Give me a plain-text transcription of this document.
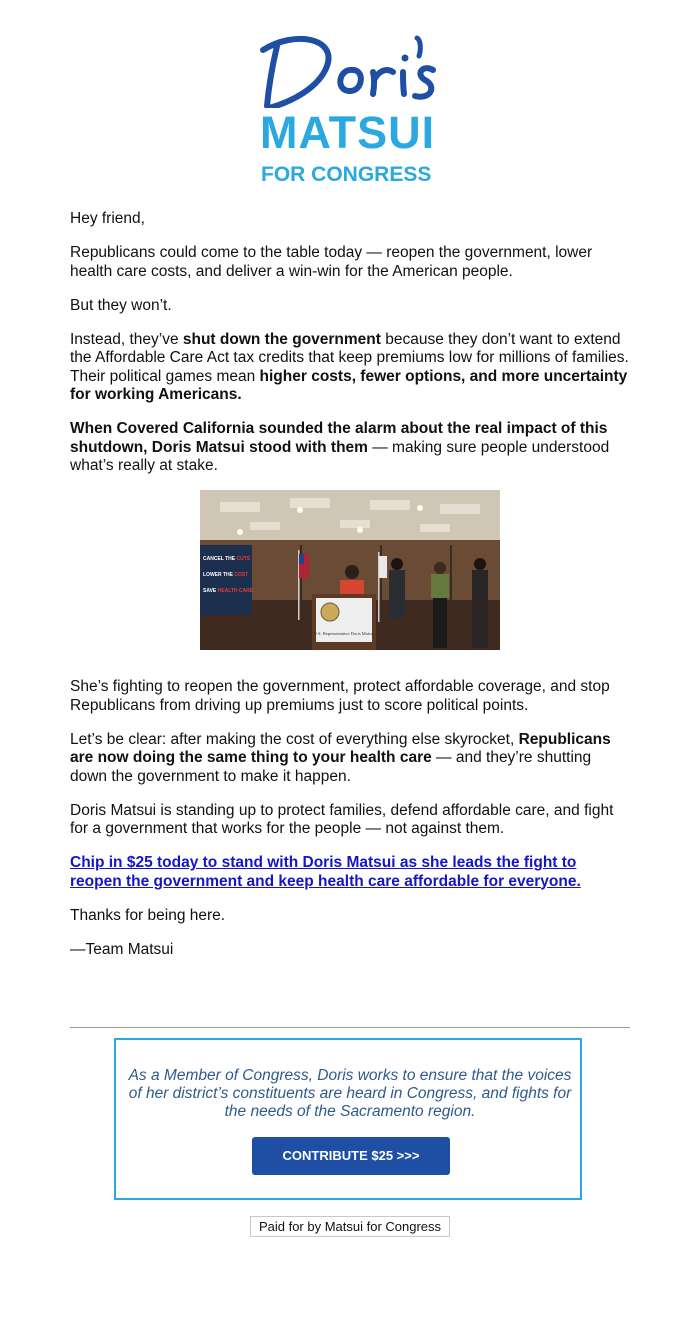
MATSUI
FOR CONGRESS

Hey friend,

Republicans could come to the table today — reopen the government, lower health care costs, and deliver a win-win for the American people.

But they won’t.

Instead, they’ve shut down the government because they don’t want to extend the Affordable Care Act tax credits that keep premiums low for millions of families. Their political games mean higher costs, fewer options, and more uncertainty for working Americans.

When Covered California sounded the alarm about the real impact of this shutdown, Doris Matsui stood with them — making sure people understood what’s really at stake.

She’s fighting to reopen the government, protect affordable coverage, and stop Republicans from driving up premiums just to score political points.

Let’s be clear: after making the cost of everything else skyrocket, Republicans are now doing the same thing to your health care — and they’re shutting down the government to make it happen.

Doris Matsui is standing up to protect families, defend affordable care, and fight for a government that works for the people — not against them.

Chip in $25 today to stand with Doris Matsui as she leads the fight to reopen the government and keep health care affordable for everyone.

Thanks for being here.

—Team Matsui

CANCEL THE CUTS
LOWER THE COST
SAVE HEALTH CARE
U.S. Representative Doris Matsui
As a Member of Congress, Doris works to ensure that the voices of her district’s constituents are heard in Congress, and fights for the needs of the Sacramento region.
CONTRIBUTE $25 >>>
Paid for by Matsui for Congress
